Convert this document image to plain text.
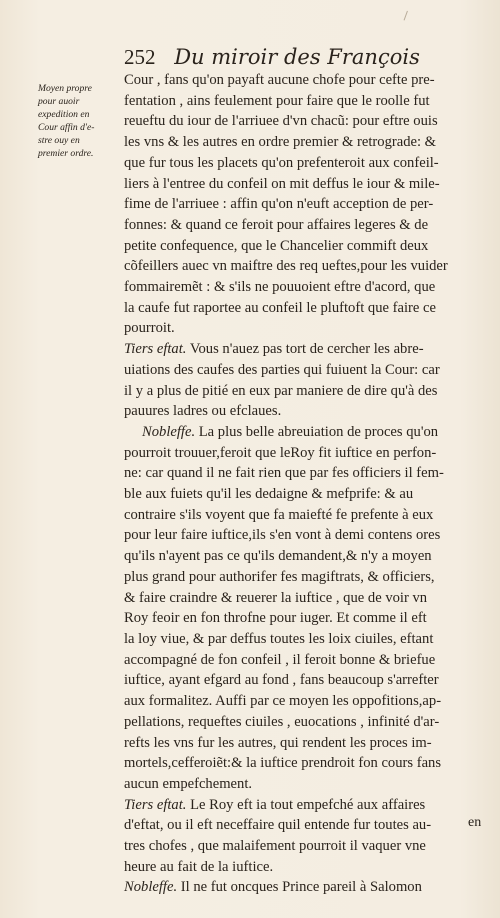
252 Du miroir des François
Moyen propre
pour auoir
expedition en
Cour affin d'e-
stre ouy en
premier ordre.
Cour , fans qu'on payaft aucune chofe pour cefte pre-
fentation , ains feulement pour faire que le roolle fut
reueftu du iour de l'arriuee d'vn chacũ: pour eftre ouis
les vns & les autres en ordre premier & retrograde: &
que fur tous les placets qu'on prefenteroit aux confeil-
liers à l'entree du confeil on mit deffus le iour & mile-
fime de l'arriuee : affin qu'on n'euft acception de per-
fonnes: & quand ce feroit pour affaires legeres & de
petite confequence, que le Chancelier commift deux
cõfeillers auec vn maiftre des req ueftes,pour les vuider
fommairemẽt : & s'ils ne pouuoient eftre d'acord, que
la caufe fut raportee au confeil le pluftoft que faire ce
pourroit.
Tiers eftat. Vous n'auez pas tort de cercher les abre-
uiations des caufes des parties qui fuiuent la Cour: car
il y a plus de pitié en eux par maniere de dire qu'à des
pauures ladres ou efclaues.
Nobleffe. La plus belle abreuiation de proces qu'on
pourroit trouuer,feroit que leRoy fit iuftice en perfon-
ne: car quand il ne fait rien que par fes officiers il fem-
ble aux fuiets qu'il les dedaigne & mefprife: & au
contraire s'ils voyent que fa maiefté fe prefente à eux
pour leur faire iuftice,ils s'en vont à demi contens ores
qu'ils n'ayent pas ce qu'ils demandent,& n'y a moyen
plus grand pour authorifer fes magiftrats, & officiers,
& faire craindre & reuerer la iuftice , que de voir vn
Roy feoir en fon throfne pour iuger. Et comme il eft
la loy viue, & par deffus toutes les loix ciuiles, eftant
accompagné de fon confeil , il feroit bonne & briefue
iuftice, ayant efgard au fond , fans beaucoup s'arrefter
aux formalitez. Auffi par ce moyen les oppofitions,ap-
pellations, requeftes ciuiles , euocations , infinité d'ar-
refts les vns fur les autres, qui rendent les proces im-
mortels,cefferoiẽt:& la iuftice prendroit fon cours fans
aucun empefchement.
Tiers eftat. Le Roy eft ia tout empefché aux affaires
d'eftat, ou il eft neceffaire quil entende fur toutes au-
tres chofes , que malaifement pourroit il vaquer vne
heure au fait de la iuftice.
Nobleffe. Il ne fut oncques Prince pareil à Salomon
en
